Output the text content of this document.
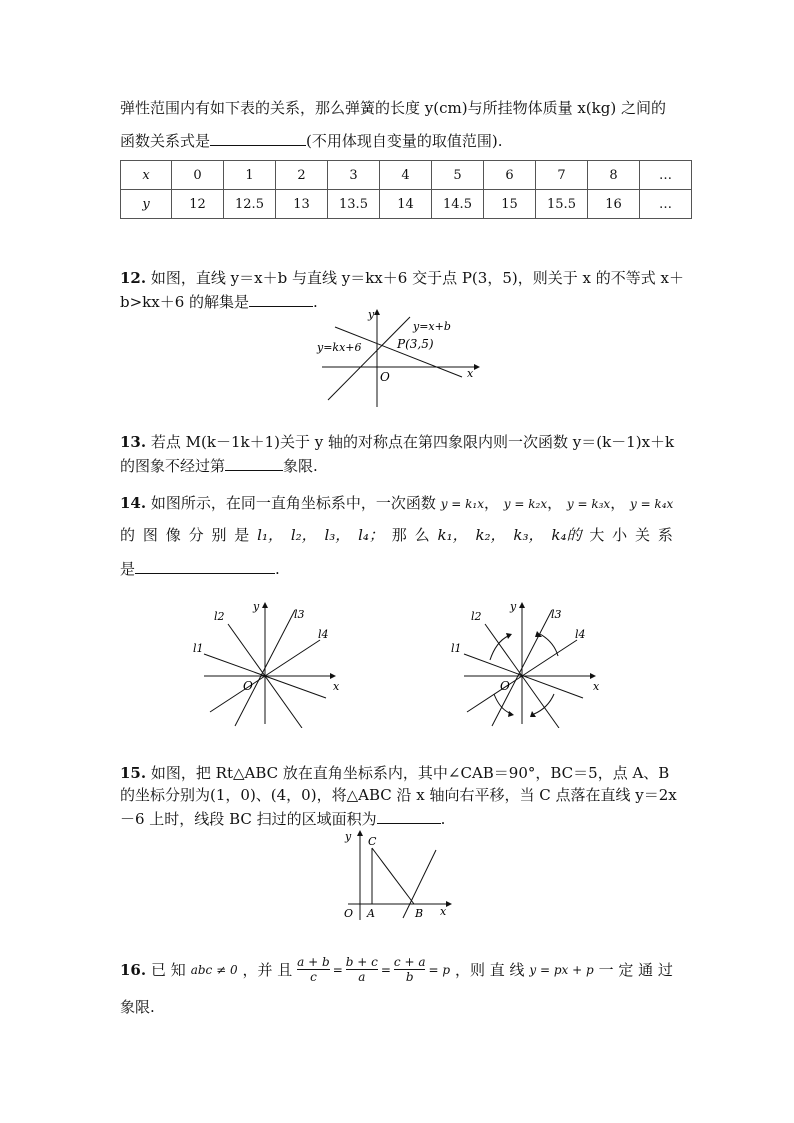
弹性范围内有如下表的关系，那么弹簧的长度 y(cm)与所挂物体质量 x(kg) 之间的
函数关系式是	(不用体现自变量的取值范围).
x	0	1	2	3	4	5	6	7	8	…
y	12	12.5	13	13.5	14	14.5	15	15.5	16	…
12. 如图，直线 y＝x＋b 与直线 y＝kx＋6 交于点 P(3，5)，则关于 x 的不等式 x＋
b>kx＋6 的解集是	.
y=x+b
y=kx+6	P(3,5)
O	x
y
13. 若点 M(k－1k＋1)关于 y 轴的对称点在第四象限内则一次函数 y＝(k－1)x＋k
的图象不经过第	象限.
14. 如图所示，在同一直角坐标系中，一次函数 y = k₁x， y = k₂x， y = k₃x， y = k₄x
的 图 像 分 别 是 l₁， l₂， l₃， l₄； 那 么 k₁， k₂， k₃， k₄的 大 小 关 系
是	.
l2	l3
l1
l4
O	x
y
l2	l3
l1
l4
O	x
y
15. 如图，把 Rt△ABC 放在直角坐标系内，其中∠CAB＝90°，BC＝5，点 A、B
的坐标分别为(1，0)、(4，0)，将△ABC 沿 x 轴向右平移，当 C 点落在直线 y＝2x
－6 上时，线段 BC 扫过的区域面积为	.
O A	B
C
x
y
16. 已 知 abc ≠ 0 ，并 且 $\frac{a + b}{c} = \frac{b + c}{a} = \frac{c + a}{b} = p$ ，则 直 线 y = px + p 一 定 通 过
象限.
